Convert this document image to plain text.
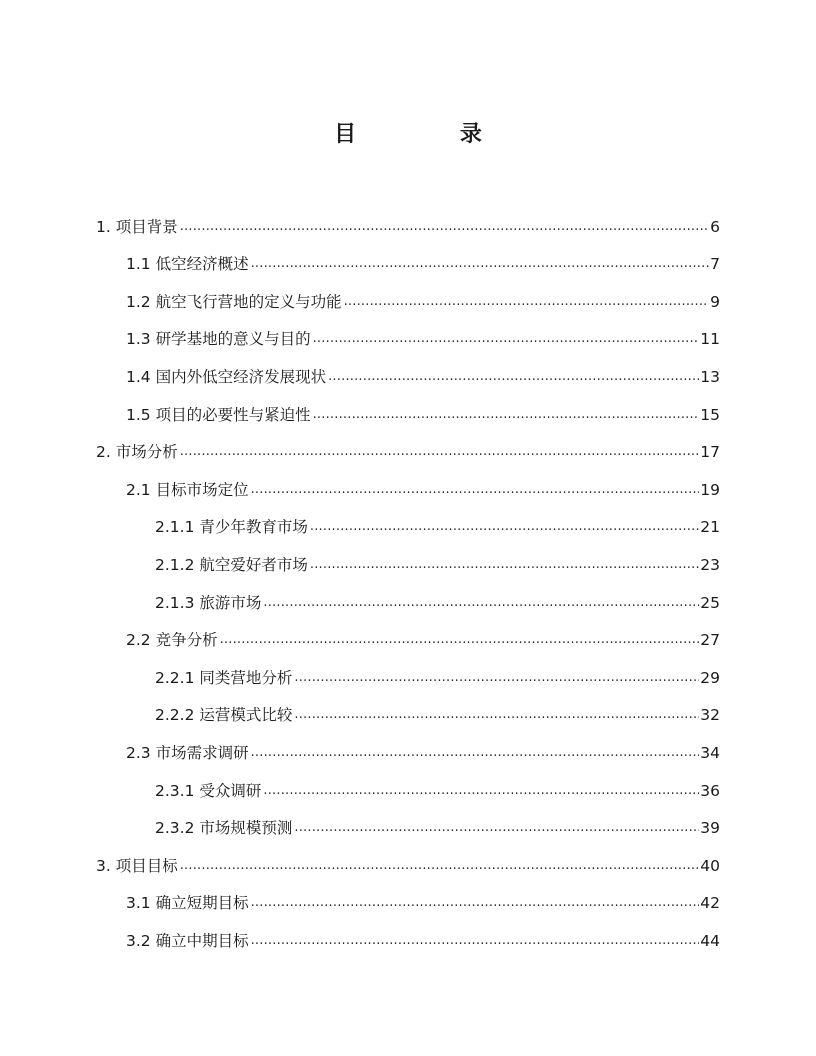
目 录
1. 项目背景 .....	6
1.1 低空经济概述 .....	7
1.2 航空飞行营地的定义与功能 .....	9
1.3 研学基地的意义与目的 .....	11
1.4 国内外低空经济发展现状 .....	13
1.5 项目的必要性与紧迫性 .....	15
2. 市场分析 .....	17
2.1 目标市场定位 .....	19
2.1.1 青少年教育市场 .....	21
2.1.2 航空爱好者市场 .....	23
2.1.3 旅游市场 .....	25
2.2 竞争分析 .....	27
2.2.1 同类营地分析 .....	29
2.2.2 运营模式比较 .....	32
2.3 市场需求调研 .....	34
2.3.1 受众调研 .....	36
2.3.2 市场规模预测 .....	39
3. 项目目标 .....	40
3.1 确立短期目标 .....	42
3.2 确立中期目标 .....	44
